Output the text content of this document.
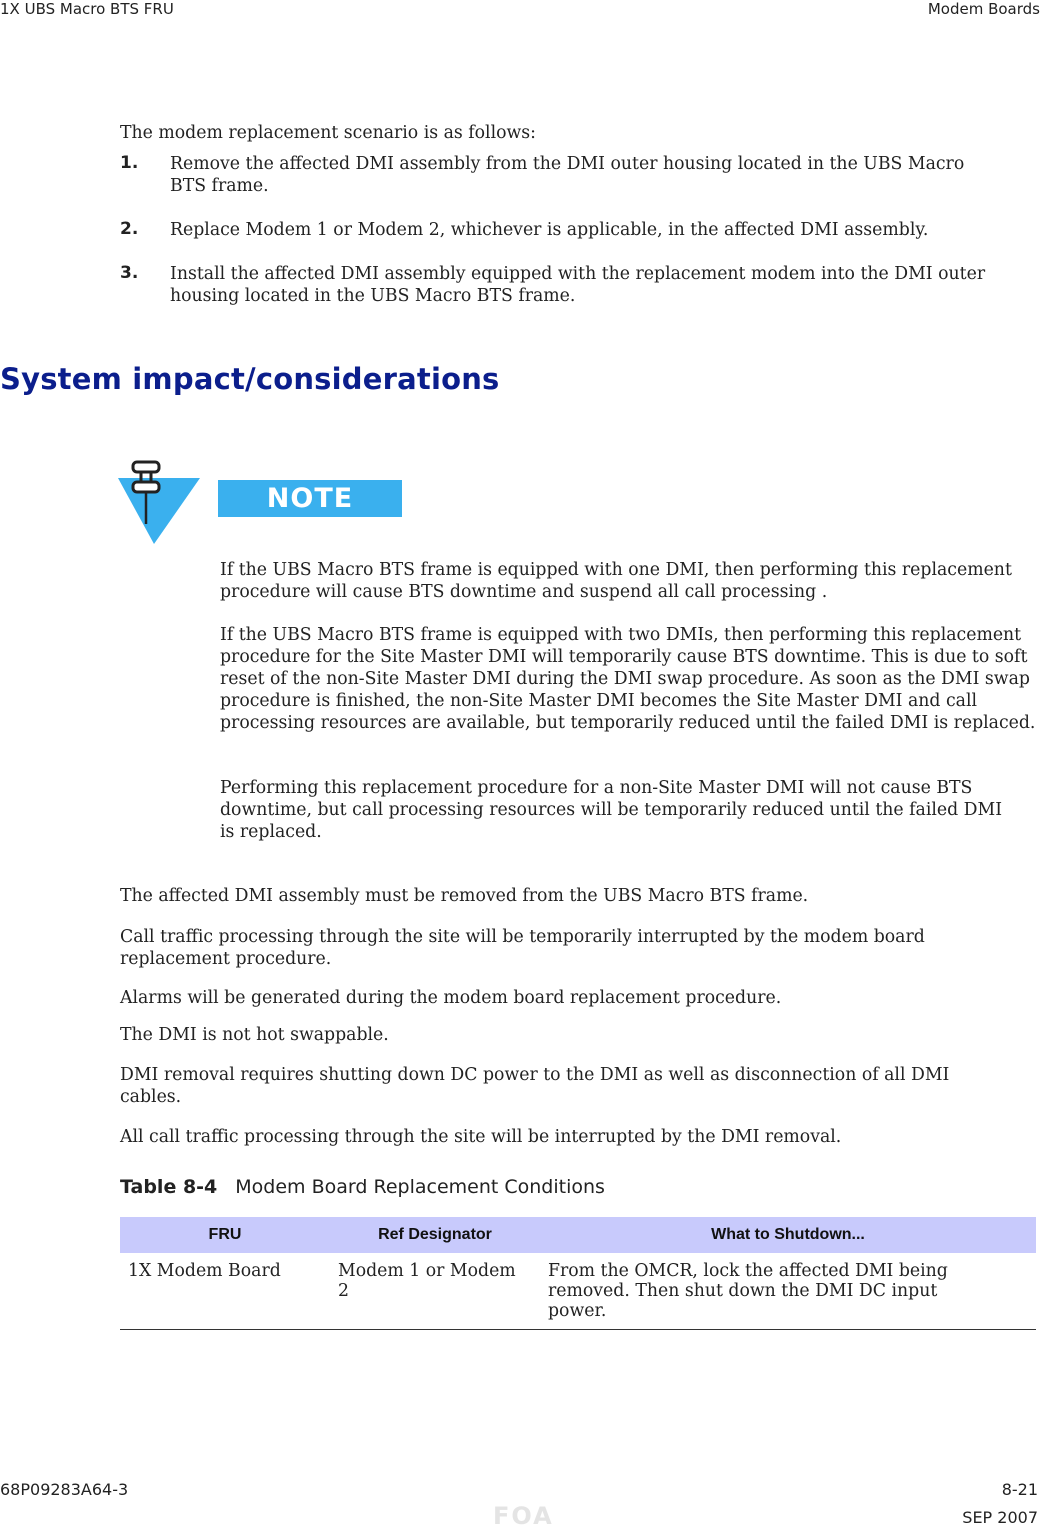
1X UBS Macro BTS FRU	Modem Boards
The modem replacement scenario is as follows:
1. Remove the affected DMI assembly from the DMI outer housing located in the UBS Macro BTS frame.
2. Replace Modem 1 or Modem 2, whichever is applicable, in the affected DMI assembly.
3. Install the affected DMI assembly equipped with the replacement modem into the DMI outer housing located in the UBS Macro BTS frame.
System impact/considerations
NOTE
If the UBS Macro BTS frame is equipped with one DMI, then performing this replacement procedure will cause BTS downtime and suspend all call processing .
If the UBS Macro BTS frame is equipped with two DMIs, then performing this replacement procedure for the Site Master DMI will temporarily cause BTS downtime. This is due to soft reset of the non-Site Master DMI during the DMI swap procedure. As soon as the DMI swap procedure is finished, the non-Site Master DMI becomes the Site Master DMI and call processing resources are available, but temporarily reduced until the failed DMI is replaced.
Performing this replacement procedure for a non-Site Master DMI will not cause BTS downtime, but call processing resources will be temporarily reduced until the failed DMI is replaced.
The affected DMI assembly must be removed from the UBS Macro BTS frame.
Call traffic processing through the site will be temporarily interrupted by the modem board replacement procedure.
Alarms will be generated during the modem board replacement procedure.
The DMI is not hot swappable.
DMI removal requires shutting down DC power to the DMI as well as disconnection of all DMI cables.
All call traffic processing through the site will be interrupted by the DMI removal.
Table 8-4 Modem Board Replacement Conditions
FRU	Ref Designator	What to Shutdown...
1X Modem Board	Modem 1 or Modem 2	From the OMCR, lock the affected DMI being removed. Then shut down the DMI DC input power.
68P09283A64-3	8-21
FOA	SEP 2007
